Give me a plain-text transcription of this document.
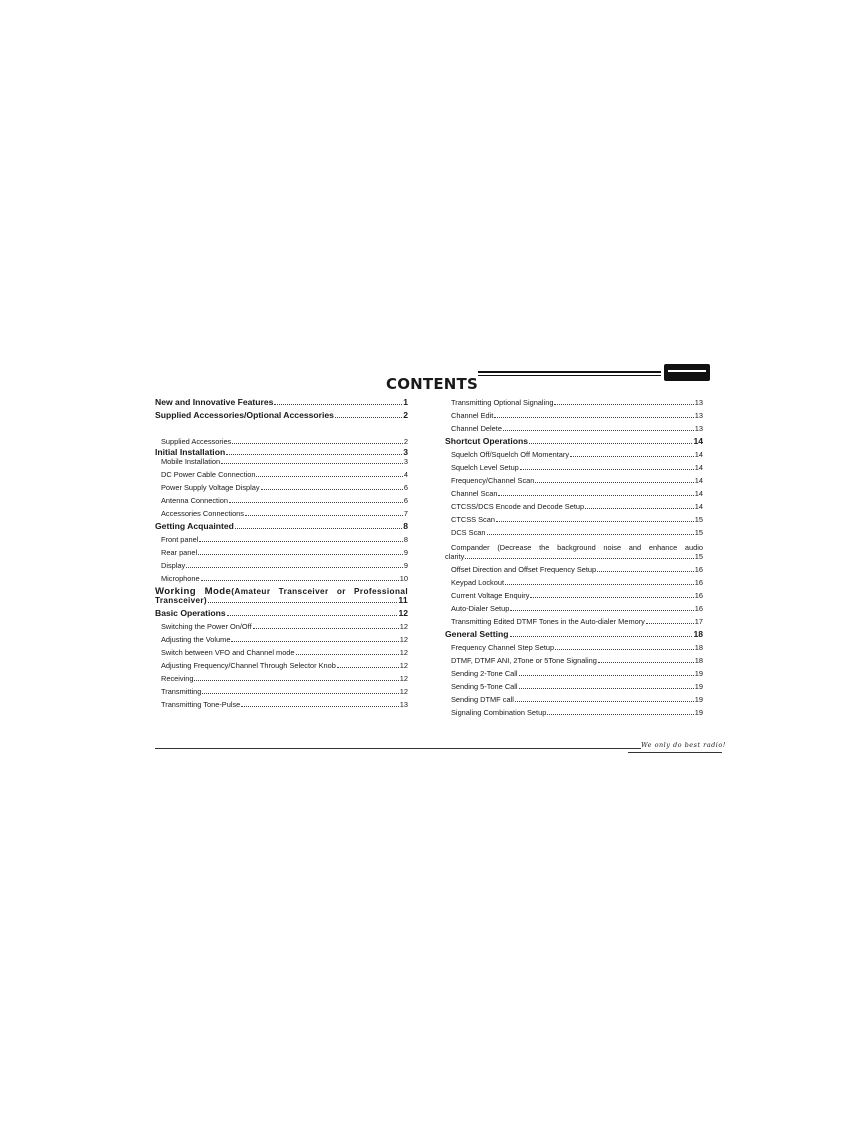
CONTENTS
New and Innovative Features	1
Supplied Accessories/Optional Accessories	2
Supplied Accessories	2
Initial Installation	3
Mobile Installation	3
DC Power Cable Connection	4
Power Supply Voltage Display	6
Antenna Connection	6
Accessories Connections	7
Getting Acquainted	8
Front panel	8
Rear panel	9
Display	9
Microphone	10
Working Mode(Amateur Transceiver or Professional
Transceiver)	11
Basic Operations	12
Switching the Power On/Off	12
Adjusting the Volume	12
Switch between VFO and Channel mode	12
Adjusting Frequency/Channel Through Selector Knob	12
Receiving	12
Transmitting	12
Transmitting Tone-Pulse	13
Transmitting Optional Signaling	13
Channel Edit	13
Channel Delete	13
Shortcut Operations	14
Squelch Off/Squelch Off Momentary	14
Squelch Level Setup	14
Frequency/Channel Scan	14
Channel Scan	14
CTCSS/DCS Encode and Decode Setup	14
CTCSS Scan	15
DCS Scan	15
Compander (Decrease the background noise and enhance audio
clarity	15
Offset Direction and Offset Frequency Setup	16
Keypad Lockout	16
Current Voltage Enquiry	16
Auto-Dialer Setup	16
Transmitting Edited DTMF Tones in the Auto-dialer Memory	17
General Setting	18
Frequency Channel Step Setup	18
DTMF, DTMF ANI, 2Tone or 5Tone Signaling	18
Sending 2-Tone Call	19
Sending 5-Tone Call	19
Sending DTMF call	19
Signaling Combination Setup	19
We only do best radio!
